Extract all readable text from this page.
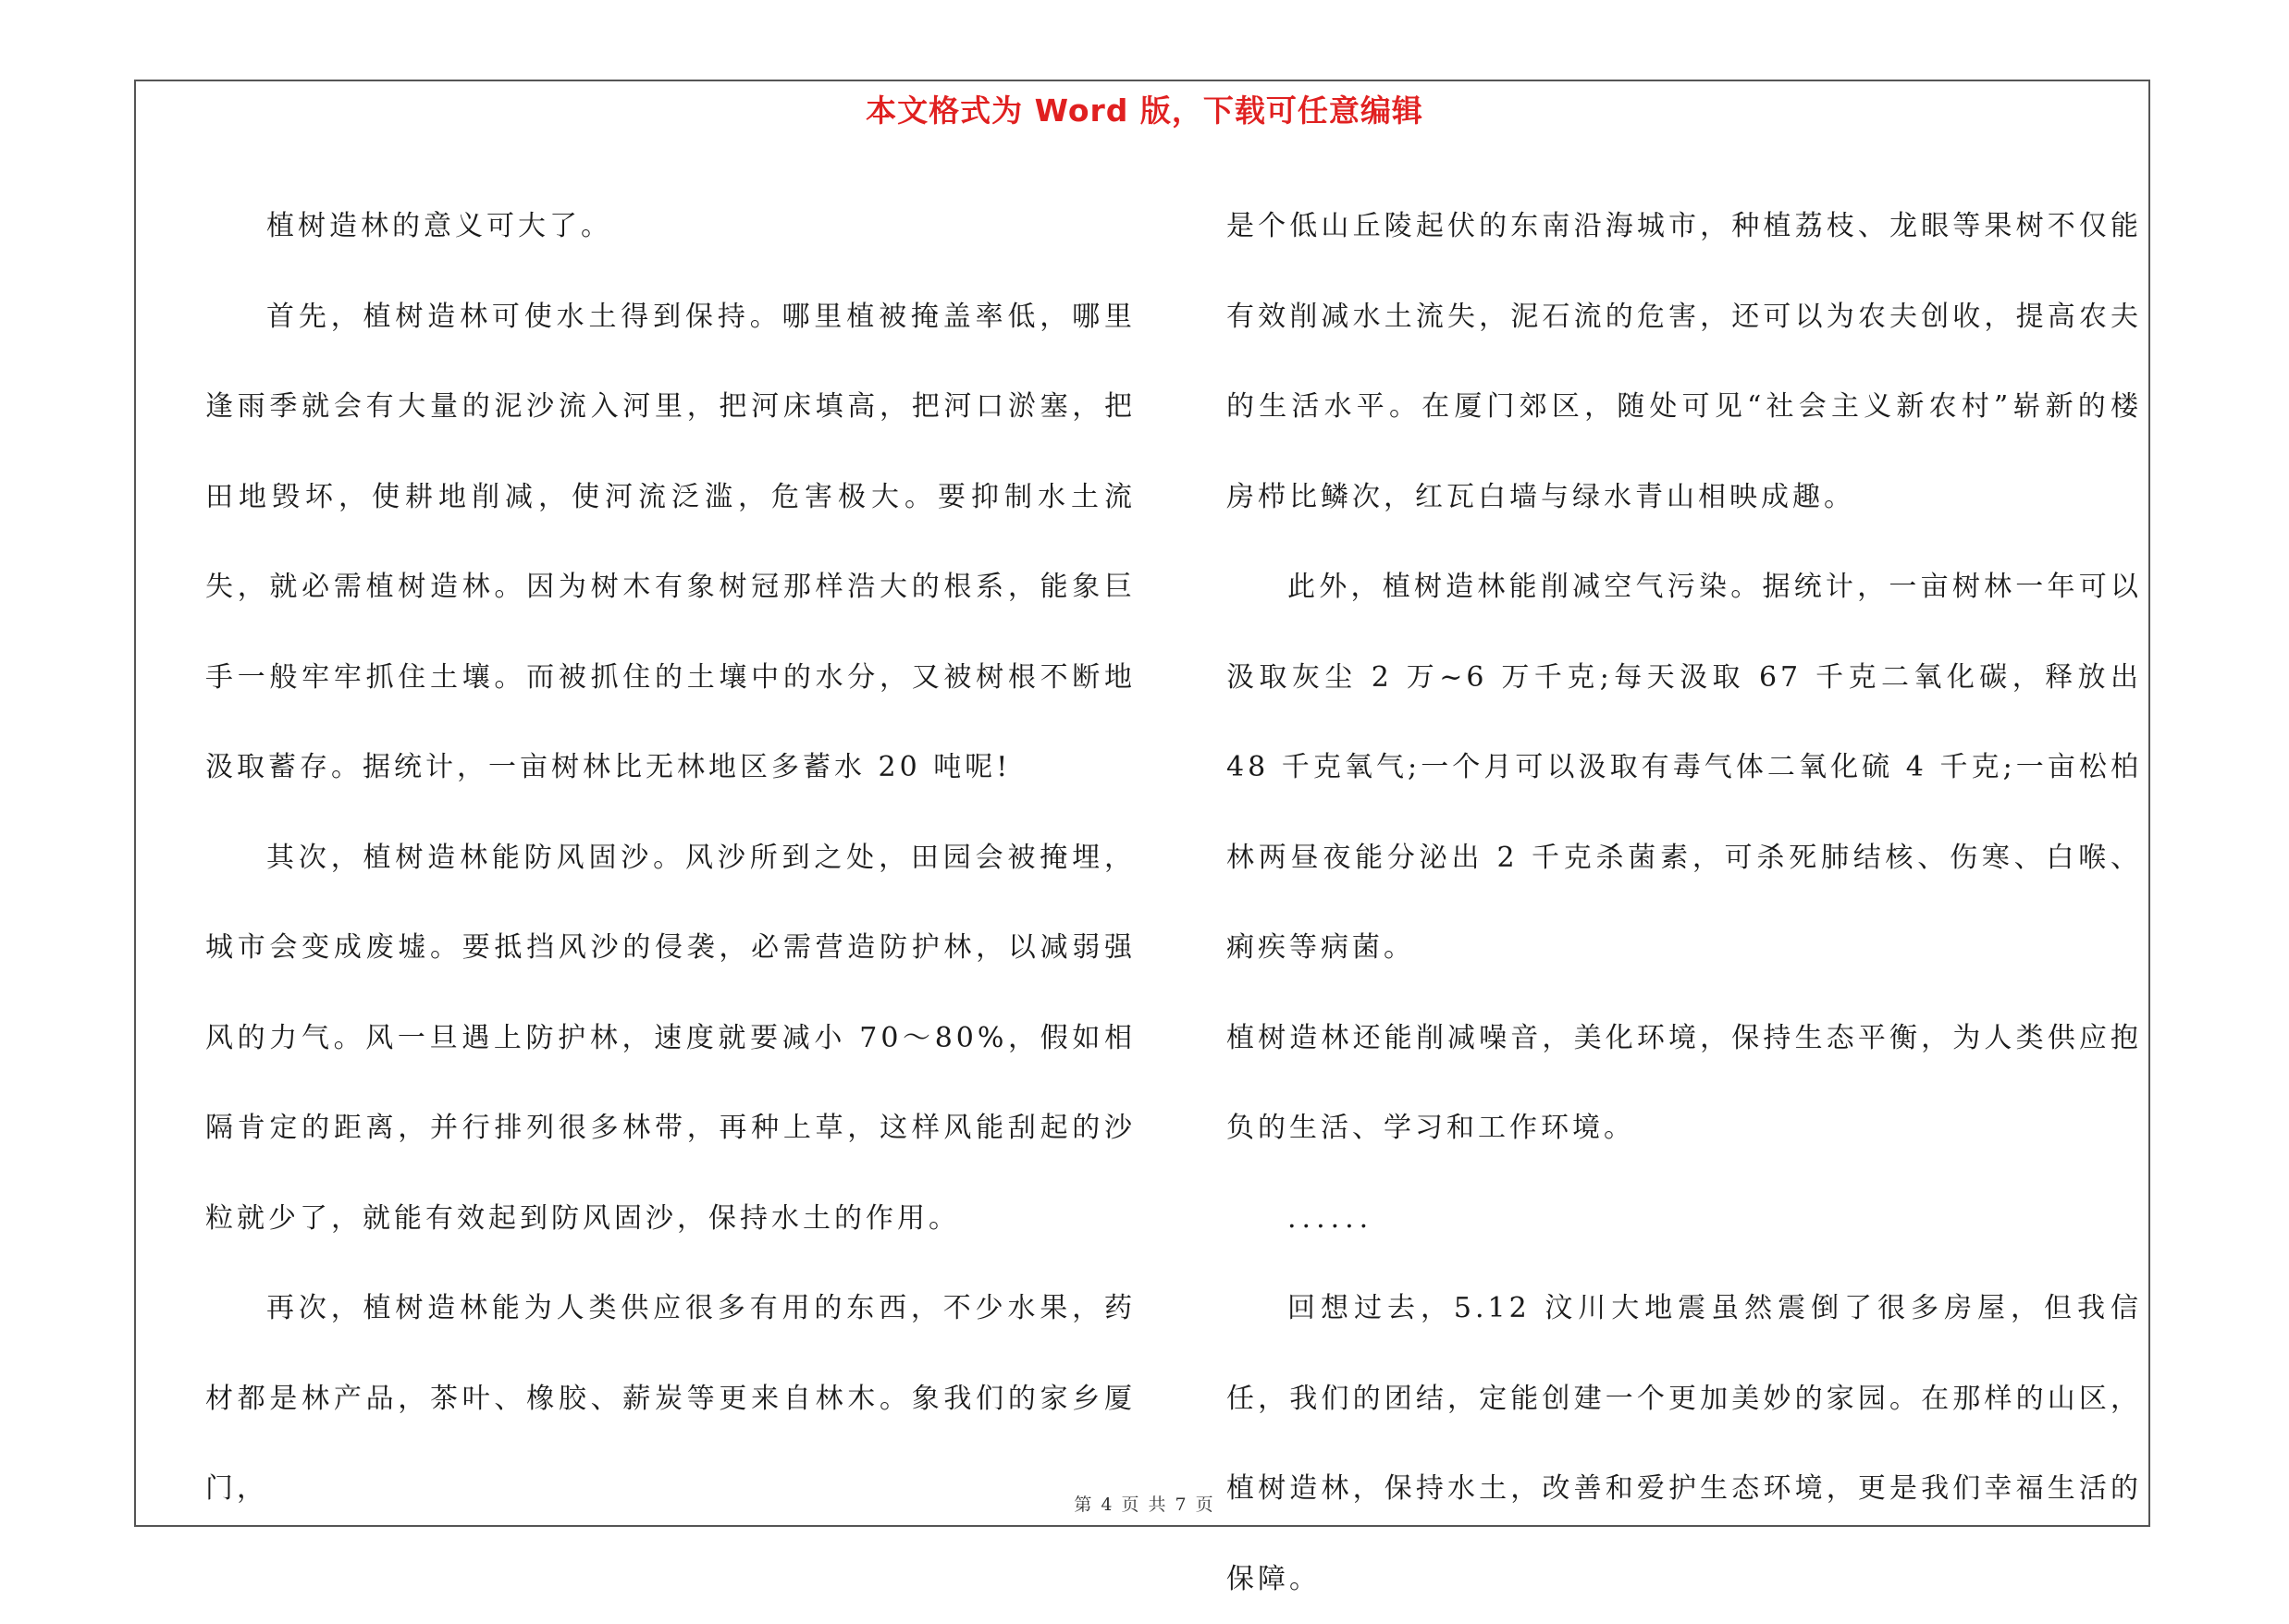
本文格式为 Word 版，下载可任意编辑

植树造林的意义可大了。

首先，植树造林可使水土得到保持。哪里植被掩盖率低，哪里逢雨季就会有大量的泥沙流入河里，把河床填高，把河口淤塞，把田地毁坏，使耕地削减，使河流泛滥，危害极大。要抑制水土流失，就必需植树造林。因为树木有象树冠那样浩大的根系，能象巨手一般牢牢抓住土壤。而被抓住的土壤中的水分，又被树根不断地汲取蓄存。据统计，一亩树林比无林地区多蓄水 20 吨呢!

其次，植树造林能防风固沙。风沙所到之处，田园会被掩埋，城市会变成废墟。要抵挡风沙的侵袭，必需营造防护林，以减弱强风的力气。风一旦遇上防护林，速度就要减小 70～80%，假如相隔肯定的距离，并行排列很多林带，再种上草，这样风能刮起的沙粒就少了，就能有效起到防风固沙，保持水土的作用。

再次，植树造林能为人类供应很多有用的东西，不少水果，药材都是林产品，茶叶、橡胶、薪炭等更来自林木。象我们的家乡厦门，

是个低山丘陵起伏的东南沿海城市，种植荔枝、龙眼等果树不仅能有效削减水土流失，泥石流的危害，还可以为农夫创收，提高农夫的生活水平。在厦门郊区，随处可见“社会主义新农村”崭新的楼房栉比鳞次，红瓦白墙与绿水青山相映成趣。

此外，植树造林能削减空气污染。据统计，一亩树林一年可以汲取灰尘 2 万~6 万千克;每天汲取 67 千克二氧化碳，释放出 48 千克氧气;一个月可以汲取有毒气体二氧化硫 4 千克;一亩松柏林两昼夜能分泌出 2 千克杀菌素，可杀死肺结核、伤寒、白喉、痢疾等病菌。

植树造林还能削减噪音，美化环境，保持生态平衡，为人类供应抱负的生活、学习和工作环境。

......

回想过去，5.12 汶川大地震虽然震倒了很多房屋，但我信任，我们的团结，定能创建一个更加美妙的家园。在那样的山区，植树造林，保持水土，改善和爱护生态环境，更是我们幸福生活的保障。

第 4 页 共 7 页
